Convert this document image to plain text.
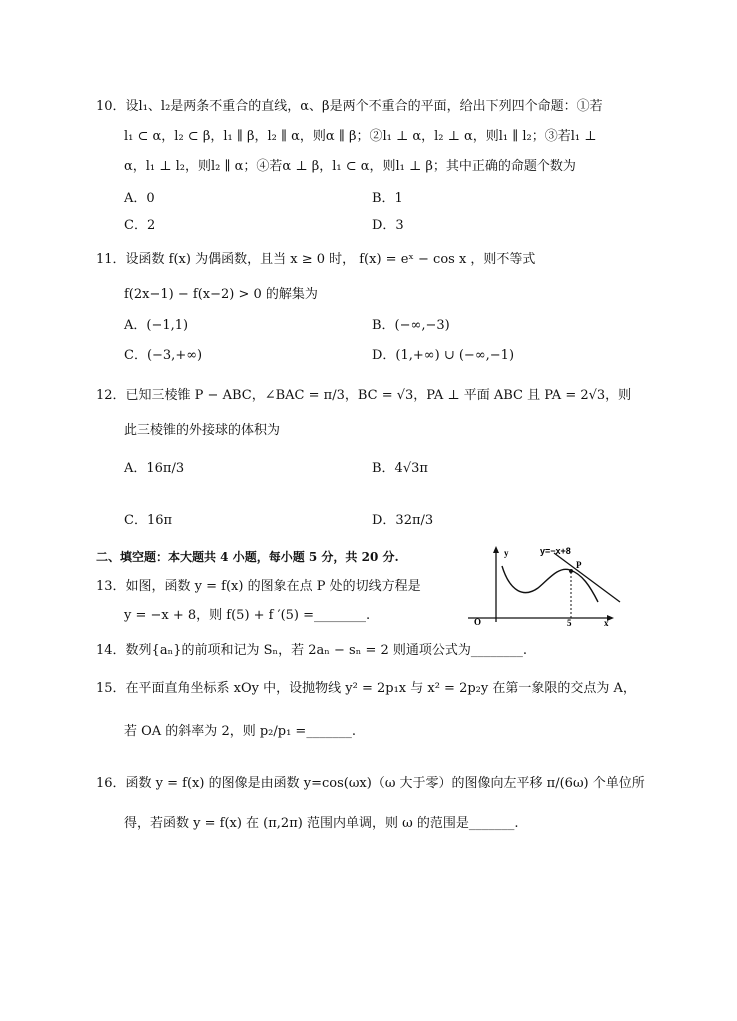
10．设l₁、l₂是两条不重合的直线，α、β是两个不重合的平面，给出下列四个命题：①若
l₁ ⊂ α，l₂ ⊂ β，l₁ ∥ β，l₂ ∥ α，则α ∥ β；②l₁ ⊥ α，l₂ ⊥ α，则l₁ ∥ l₂；③若l₁ ⊥
α，l₁ ⊥ l₂，则l₂ ∥ α；④若α ⊥ β，l₁ ⊂ α，则l₁ ⊥ β；其中正确的命题个数为
A．0	B．1
C．2	D．3
11．设函数 f(x) 为偶函数，且当 x ≥ 0 时， f(x) = eˣ − cos x ，则不等式
f(2x−1) − f(x−2) > 0 的解集为
A．(−1,1)	B．(−∞,−3)
C．(−3,+∞)	D．(1,+∞) ∪ (−∞,−1)
12．已知三棱锥 P − ABC，∠BAC = π/3，BC = √3，PA ⊥ 平面 ABC 且 PA = 2√3，则
此三棱锥的外接球的体积为
A．16π/3	B．4√3π
C．16π	D．32π/3
二、填空题：本大题共 4 小题，每小题 5 分，共 20 分.
13．如图，函数 y = f(x) 的图象在点 P 处的切线方程是
y = −x + 8，则 f(5) + f ′(5) =________.
y
x
O
y=−x+8
P
5
14．数列{aₙ}的前项和记为 Sₙ，若 2aₙ − sₙ = 2 则通项公式为________.
15．在平面直角坐标系 xOy 中，设抛物线 y² = 2p₁x 与 x² = 2p₂y 在第一象限的交点为 A，
若 OA 的斜率为 2，则 p₂/p₁ =_______.
16．函数 y = f(x) 的图像是由函数 y=cos(ωx)（ω 大于零）的图像向左平移 π/(6ω) 个单位所
得，若函数 y = f(x) 在 (π,2π) 范围内单调，则 ω 的范围是_______.
